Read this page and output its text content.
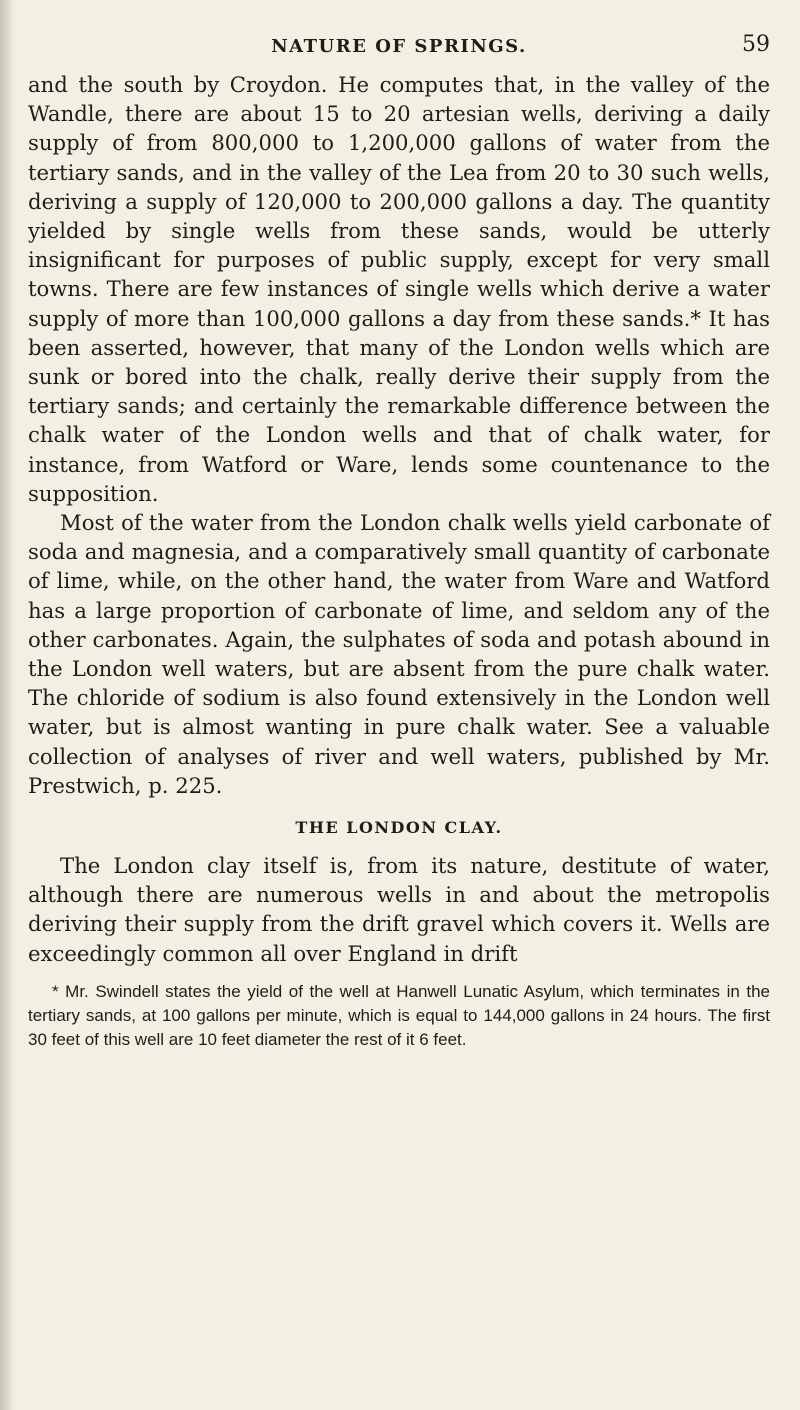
NATURE OF SPRINGS.	59

and the south by Croydon. He computes that, in the valley of the Wandle, there are about 15 to 20 artesian wells, deriving a daily supply of from 800,000 to 1,200,000 gallons of water from the tertiary sands, and in the valley of the Lea from 20 to 30 such wells, deriving a supply of 120,000 to 200,000 gallons a day. The quantity yielded by single wells from these sands, would be utterly insignificant for purposes of public supply, except for very small towns. There are few instances of single wells which derive a water supply of more than 100,000 gallons a day from these sands.* It has been asserted, however, that many of the London wells which are sunk or bored into the chalk, really derive their supply from the tertiary sands; and certainly the remarkable difference between the chalk water of the London wells and that of chalk water, for instance, from Watford or Ware, lends some countenance to the supposition.

Most of the water from the London chalk wells yield carbonate of soda and magnesia, and a comparatively small quantity of carbonate of lime, while, on the other hand, the water from Ware and Watford has a large proportion of carbonate of lime, and seldom any of the other carbonates. Again, the sulphates of soda and potash abound in the London well waters, but are absent from the pure chalk water. The chloride of sodium is also found extensively in the London well water, but is almost wanting in pure chalk water. See a valuable collection of analyses of river and well waters, published by Mr. Prestwich, p. 225.

THE LONDON CLAY.

The London clay itself is, from its nature, destitute of water, although there are numerous wells in and about the metropolis deriving their supply from the drift gravel which covers it. Wells are exceedingly common all over England in drift

* Mr. Swindell states the yield of the well at Hanwell Lunatic Asylum, which terminates in the tertiary sands, at 100 gallons per minute, which is equal to 144,000 gallons in 24 hours. The first 30 feet of this well are 10 feet diameter the rest of it 6 feet.
